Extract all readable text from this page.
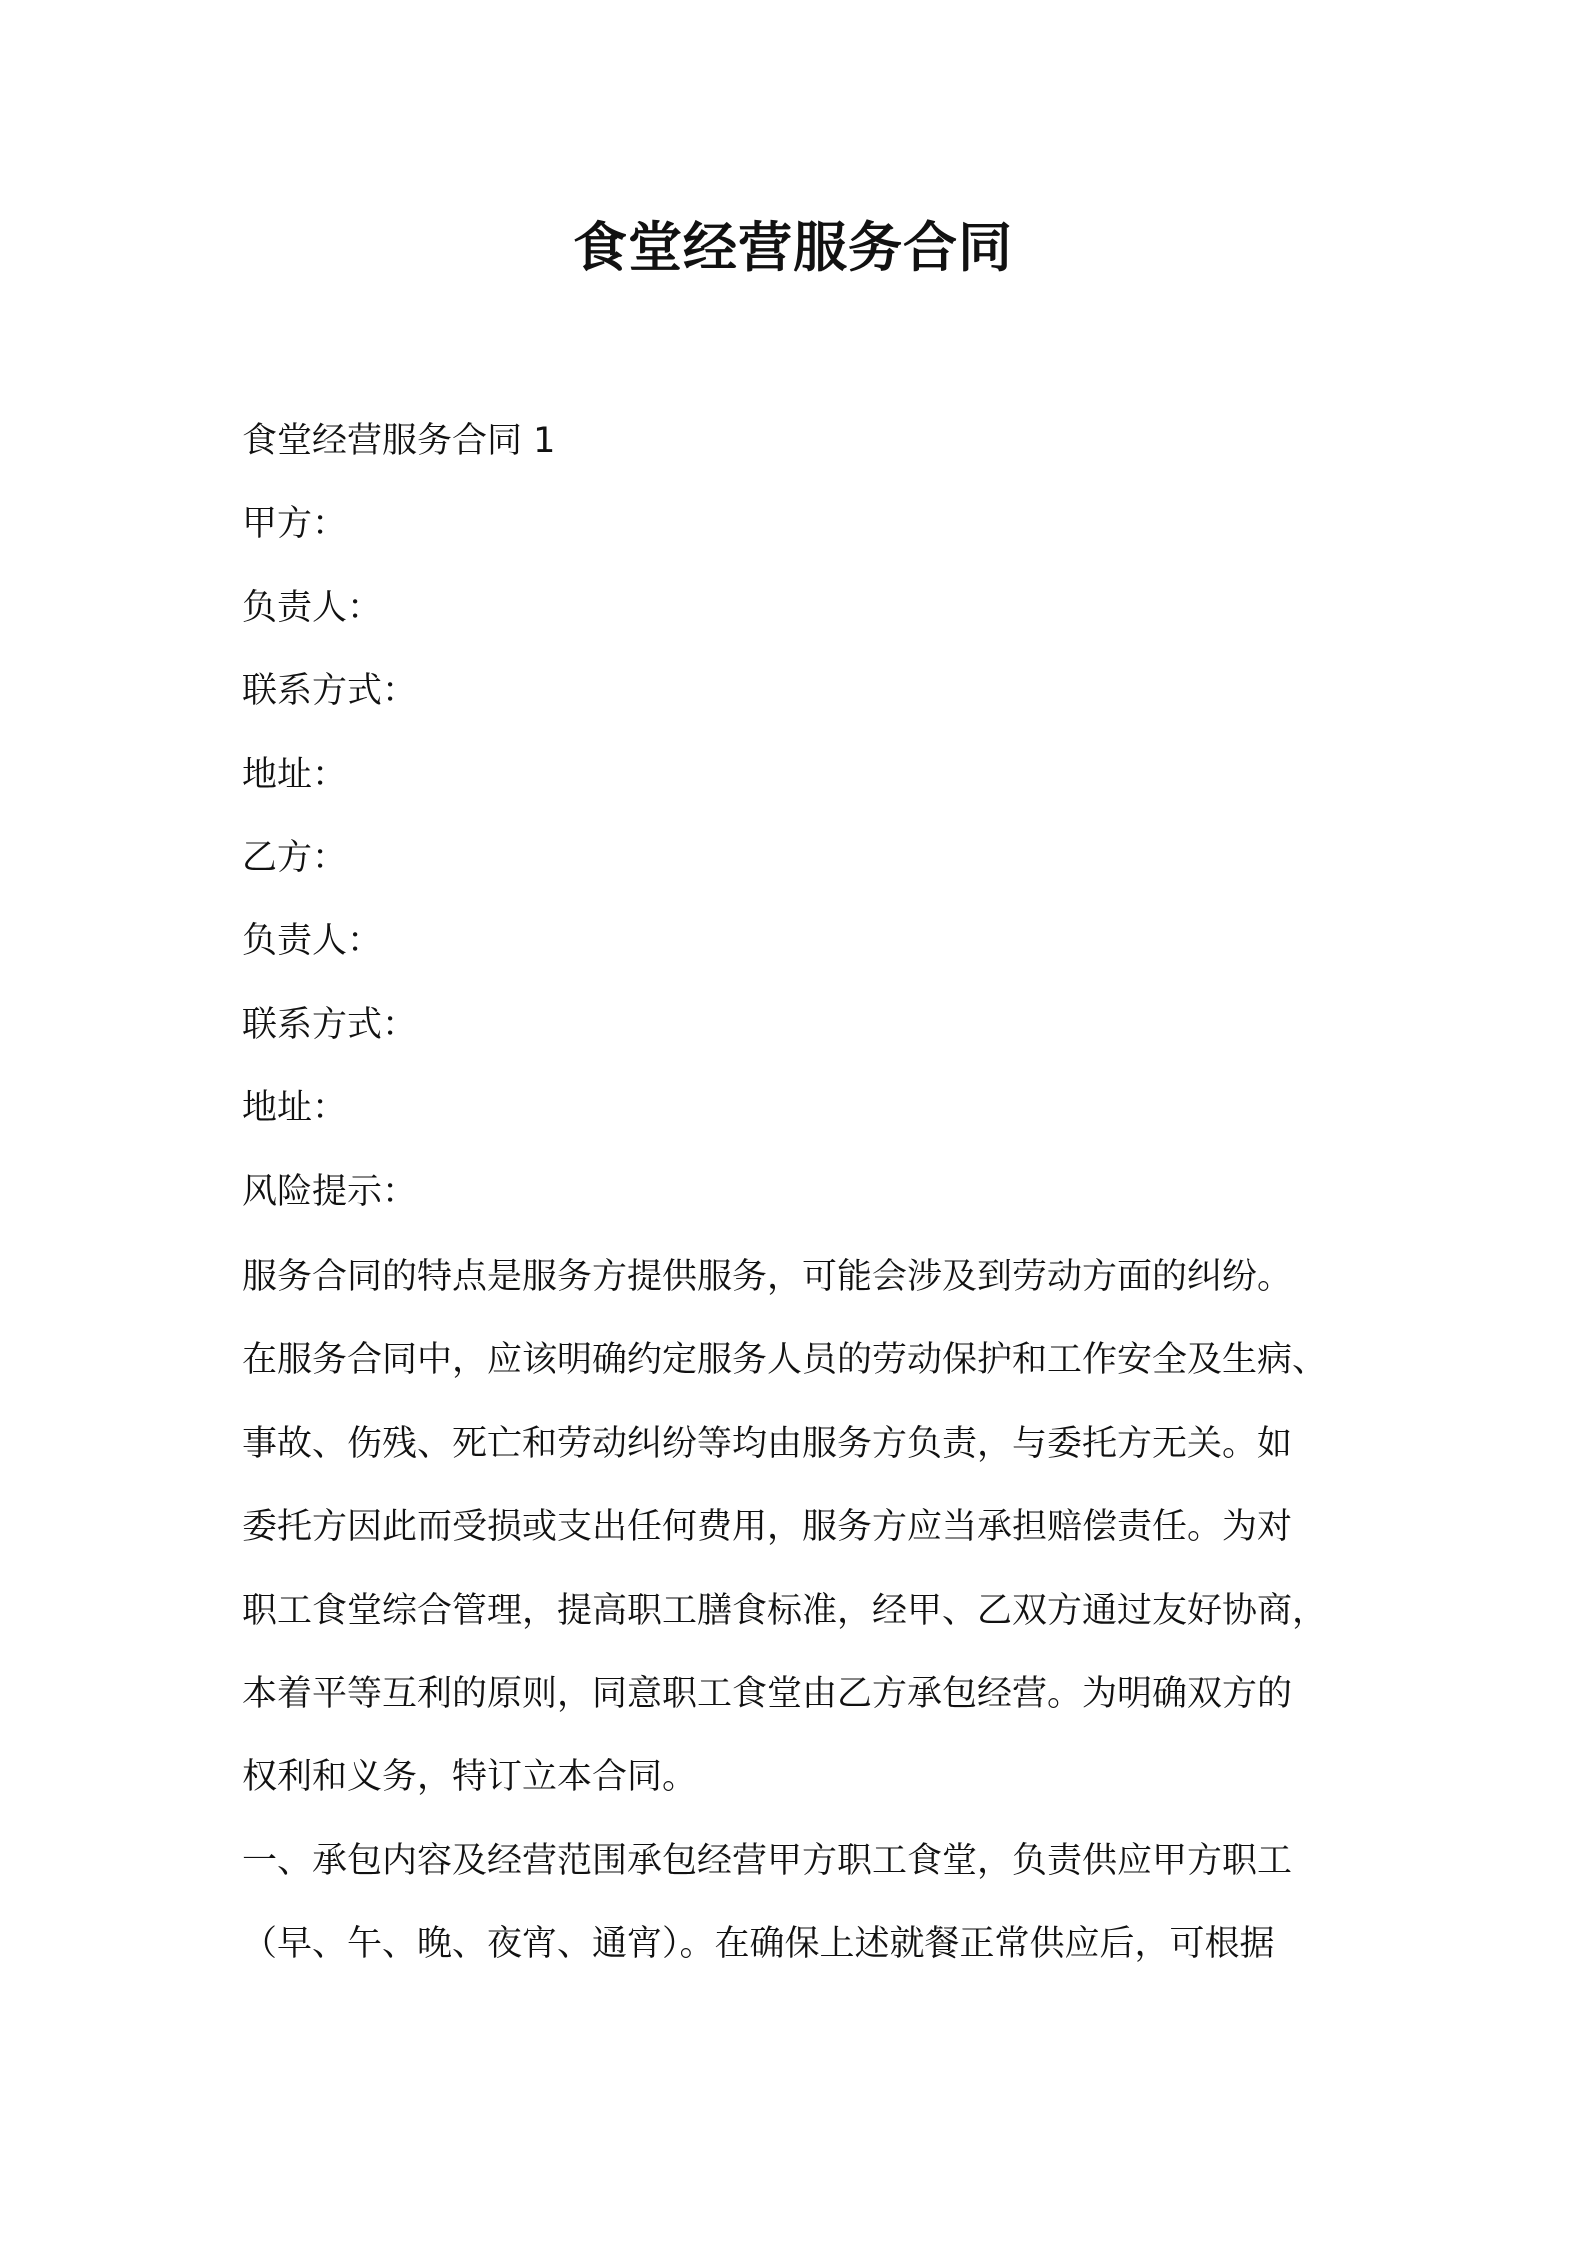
食堂经营服务合同
食堂经营服务合同 1
甲方：
负责人：
联系方式：
地址：
乙方：
负责人：
联系方式：
地址：
风险提示：
服务合同的特点是服务方提供服务，可能会涉及到劳动方面的纠纷。
在服务合同中，应该明确约定服务人员的劳动保护和工作安全及生病、
事故、伤残、死亡和劳动纠纷等均由服务方负责，与委托方无关。如
委托方因此而受损或支出任何费用，服务方应当承担赔偿责任。为对
职工食堂综合管理，提高职工膳食标准，经甲、乙双方通过友好协商，
本着平等互利的原则，同意职工食堂由乙方承包经营。为明确双方的
权利和义务，特订立本合同。
一、承包内容及经营范围承包经营甲方职工食堂，负责供应甲方职工
（早、午、晚、夜宵、通宵）。在确保上述就餐正常供应后，可根据
